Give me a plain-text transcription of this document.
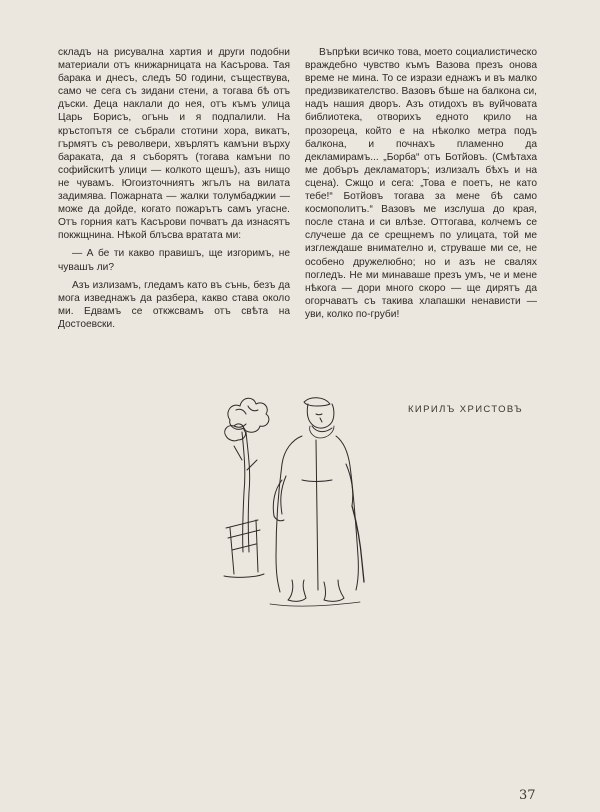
складъ на рисувална хартия и други подобни материали отъ книжарницата на Касърова. Тая барака и днесъ, следъ 50 години, съществува, само че сега съ зидани стени, а тогава бѣ отъ дъски. Деца наклали до нея, отъ къмъ улица Царь Борисъ, огънь и я подпалили. На кръстопътя се събрали стотини хора, викатъ, гърмятъ съ револвери, хвърлятъ камъни върху бараката, да я съборятъ (тогава камъни по софийскитѣ улици — колкото щешъ), азъ нищо не чувамъ. Югоизточниятъ жгълъ на вилата задимява. Пожарната — жалки толумбаджии — може да дойде, когато пожарътъ самъ угасне. Отъ горния катъ Касърови почватъ да изнасятъ покжщнина. Нѣкой блъсва вратата ми:

— А бе ти какво правишъ, ще изгоримъ, не чувашъ ли?

Азъ излизамъ, гледамъ като въ сънь, безъ да мога изведнажъ да разбера, какво става около ми. Едвамъ се откжсвамъ отъ свѣта на Достоевски.

Въпрѣки всичко това, моето социалистическо враждебно чувство къмъ Вазова презъ онова време не мина. То се изрази еднажъ и въ малко предизвикателство. Вазовъ бѣше на балкона си, надъ нашия дворъ. Азъ отидохъ въ вуйчовата библиотека, отворихъ едното крило на прозореца, който е на нѣколко метра подъ балкона, и почнахъ пламенно да декламирамъ... „Борба“ отъ Ботйовъ. (Смѣтаха ме добъръ декламаторъ; излизалъ бѣхъ и на сцена). Сжщо и сега: „Това е поетъ, не като тебе!“ Ботйовъ тогава за мене бѣ само космополитъ.“ Вазовъ ме изслуша до края, после стана и си влѣзе. Оттогава, колчемъ се случеше да се срещнемъ по улицата, той ме изглеждаше внимателно и, струваше ми се, не особено дружелюбно; но и азъ не свалях погледъ. Не ми минаваше презъ умъ, че и мене нѣкога — дори много скоро — ще дирятъ да огорчаватъ съ такива хлапашки ненависти — уви, колко по-груби!

КИРИЛЪ ХРИСТОВЪ
37
